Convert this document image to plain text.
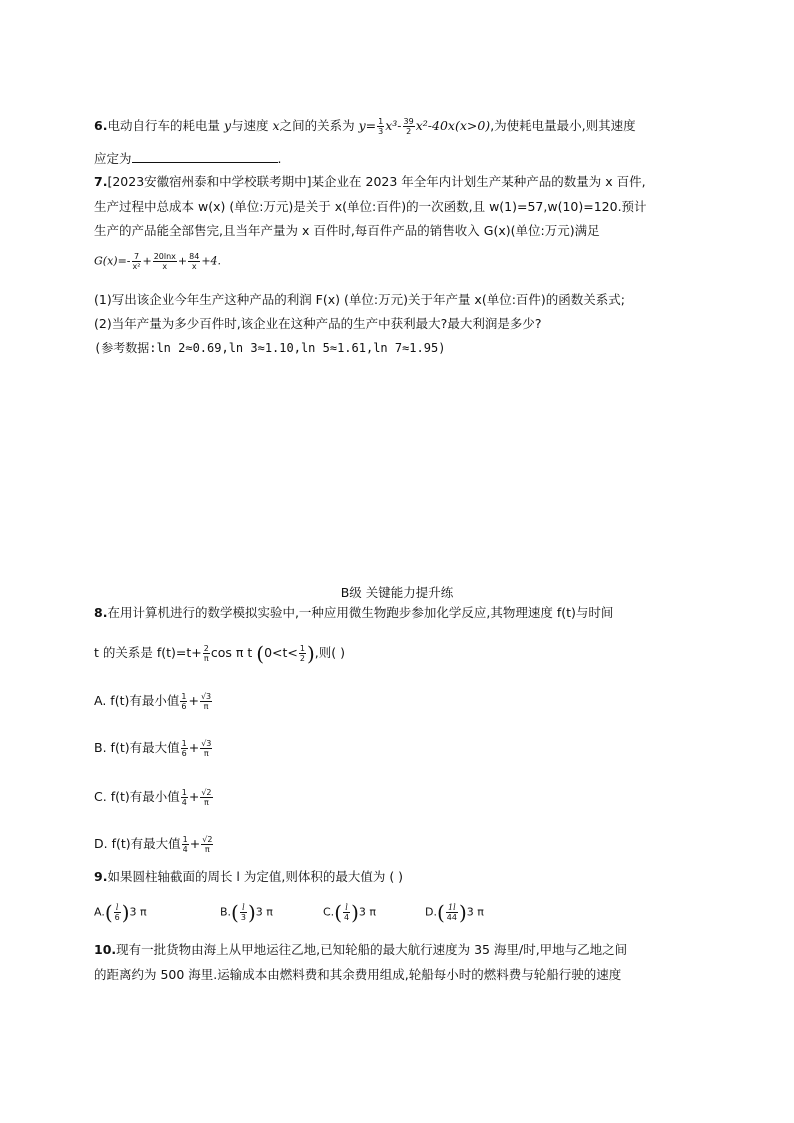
6.电动自行车的耗电量 y与速度 x之间的关系为 $y= \frac{1}{3} x^3- \frac{39}{2} x^2-40x(x>0)$,为使耗电量最小,则其速度
应定为	.
7.[2023安徽宿州泰和中学校联考期中]某企业在 2023 年全年内计划生产某种产品的数量为 x 百件,
生产过程中总成本 w(x) (单位:万元)是关于 x(单位:百件)的一次函数,且 w(1)=57,w(10)=120.预计
生产的产品能全部售完,且当年产量为 x 百件时,每百件产品的销售收入 G(x)(单位:万元)满足
$G(x)=- \frac{7}{\text{x²}} + \frac{20\ln x}{x} + \frac{84}{x} +4$.
(1)写出该企业今年生产这种产品的利润 F(x) (单位:万元)关于年产量 x(单位:百件)的函数关系式;
(2)当年产量为多少百件时,该企业在这种产品的生产中获利最大?最大利润是多少?
(参考数据:ln 2≈0.69,ln 3≈1.10,ln 5≈1.61,ln 7≈1.95)
B级 关键能力提升练
8.在用计算机进行的数学模拟实验中,一种应用微生物跑步参加化学反应,其物理速度 f(t)与时间
t 的关系是 $f(t)=t+ \frac{2}{\pi}$ cos π t ($0<t< \frac{1}{2}$ ),则( )
A. f(t)有最小值 $\frac{1}{6} + \frac{√3}{\pi}$
B. f(t)有最大值 $\frac{1}{6} + \frac{√3}{\pi}$
C. f(t)有最小值 $\frac{1}{4} + \frac{√2}{\pi}$
D. f(t)有最大值 $\frac{1}{4} + \frac{√2}{\pi}$
9.如果圆柱轴截面的周长 l 为定值,则体积的最大值为 ( )
$A.( \frac{l}{6} )3$ π	$B.( \frac{l}{3} )3$ π	$C.( \frac{l}{4} )3$ π	$D.( \frac{1l}{44} )3$ π
10.现有一批货物由海上从甲地运往乙地,已知轮船的最大航行速度为 35 海里/时,甲地与乙地之间
的距离约为 500 海里.运输成本由燃料费和其余费用组成,轮船每小时的燃料费与轮船行驶的速度
